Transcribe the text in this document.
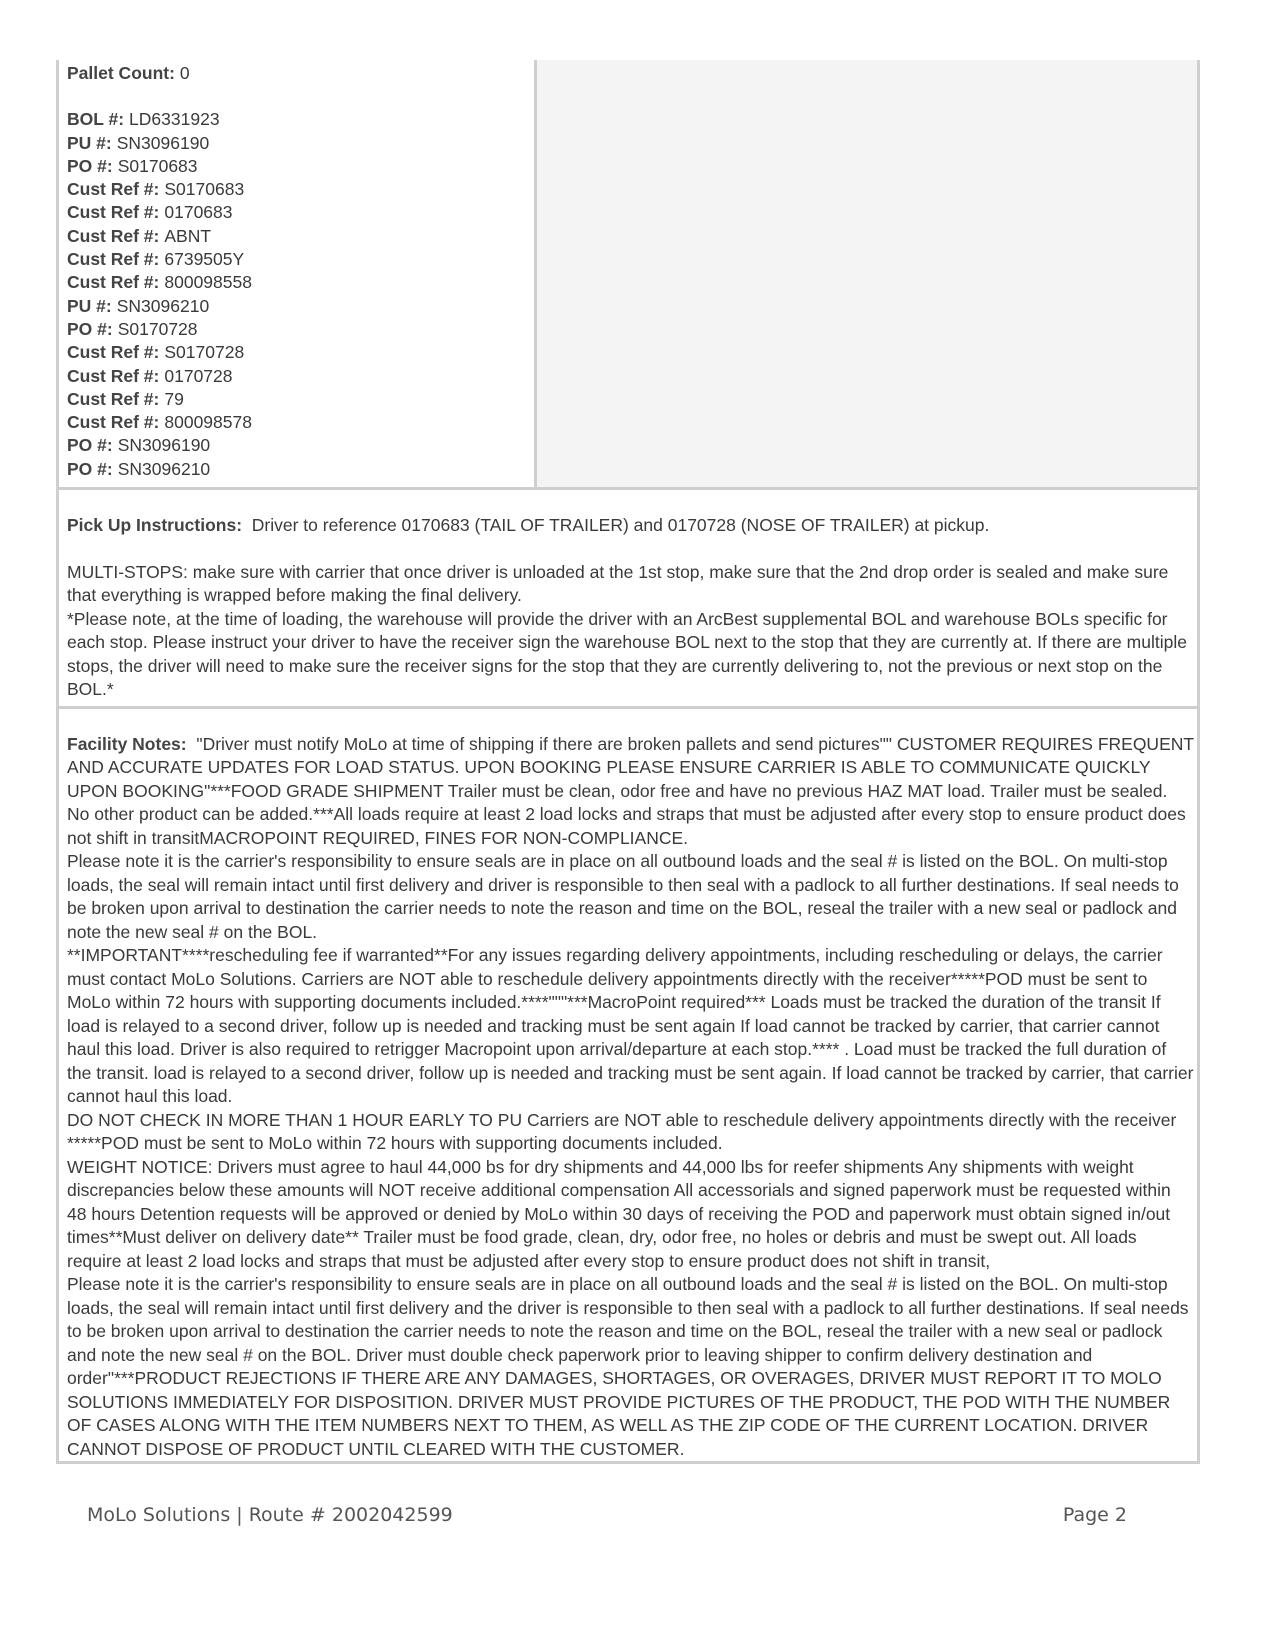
Pallet Count: 0
BOL #: LD6331923
PU #: SN3096190
PO #: S0170683
Cust Ref #: S0170683
Cust Ref #: 0170683
Cust Ref #: ABNT
Cust Ref #: 6739505Y
Cust Ref #: 800098558
PU #: SN3096210
PO #: S0170728
Cust Ref #: S0170728
Cust Ref #: 0170728
Cust Ref #: 79
Cust Ref #: 800098578
PO #: SN3096190
PO #: SN3096210

Pick Up Instructions: Driver to reference 0170683 (TAIL OF TRAILER) and 0170728 (NOSE OF TRAILER) at pickup.

MULTI-STOPS: make sure with carrier that once driver is unloaded at the 1st stop, make sure that the 2nd drop order is sealed and make sure that everything is wrapped before making the final delivery.

*Please note, at the time of loading, the warehouse will provide the driver with an ArcBest supplemental BOL and warehouse BOLs specific for each stop. Please instruct your driver to have the receiver sign the warehouse BOL next to the stop that they are currently at. If there are multiple stops, the driver will need to make sure the receiver signs for the stop that they are currently delivering to, not the previous or next stop on the BOL.*

Facility Notes: "Driver must notify MoLo at time of shipping if there are broken pallets and send pictures"" CUSTOMER REQUIRES FREQUENT AND ACCURATE UPDATES FOR LOAD STATUS. UPON BOOKING PLEASE ENSURE CARRIER IS ABLE TO COMMUNICATE QUICKLY UPON BOOKING"***FOOD GRADE SHIPMENT Trailer must be clean, odor free and have no previous HAZ MAT load. Trailer must be sealed. No other product can be added.***All loads require at least 2 load locks and straps that must be adjusted after every stop to ensure product does not shift in transitMACROPOINT REQUIRED, FINES FOR NON-COMPLIANCE.

Please note it is the carrier's responsibility to ensure seals are in place on all outbound loads and the seal # is listed on the BOL. On multi-stop loads, the seal will remain intact until first delivery and driver is responsible to then seal with a padlock to all further destinations. If seal needs to be broken upon arrival to destination the carrier needs to note the reason and time on the BOL, reseal the trailer with a new seal or padlock and note the new seal # on the BOL.

**IMPORTANT****rescheduling fee if warranted**For any issues regarding delivery appointments, including rescheduling or delays, the carrier must contact MoLo Solutions. Carriers are NOT able to reschedule delivery appointments directly with the receiver*****POD must be sent to MoLo within 72 hours with supporting documents included.****"""***MacroPoint required*** Loads must be tracked the duration of the transit If load is relayed to a second driver, follow up is needed and tracking must be sent again If load cannot be tracked by carrier, that carrier cannot haul this load. Driver is also required to retrigger Macropoint upon arrival/departure at each stop.**** . Load must be tracked the full duration of the transit. load is relayed to a second driver, follow up is needed and tracking must be sent again. If load cannot be tracked by carrier, that carrier cannot haul this load.

DO NOT CHECK IN MORE THAN 1 HOUR EARLY TO PU Carriers are NOT able to reschedule delivery appointments directly with the receiver *****POD must be sent to MoLo within 72 hours with supporting documents included.

WEIGHT NOTICE: Drivers must agree to haul 44,000 bs for dry shipments and 44,000 lbs for reefer shipments Any shipments with weight discrepancies below these amounts will NOT receive additional compensation All accessorials and signed paperwork must be requested within 48 hours Detention requests will be approved or denied by MoLo within 30 days of receiving the POD and paperwork must obtain signed in/out times**Must deliver on delivery date** Trailer must be food grade, clean, dry, odor free, no holes or debris and must be swept out. All loads require at least 2 load locks and straps that must be adjusted after every stop to ensure product does not shift in transit,

Please note it is the carrier's responsibility to ensure seals are in place on all outbound loads and the seal # is listed on the BOL. On multi-stop loads, the seal will remain intact until first delivery and the driver is responsible to then seal with a padlock to all further destinations. If seal needs to be broken upon arrival to destination the carrier needs to note the reason and time on the BOL, reseal the trailer with a new seal or padlock and note the new seal # on the BOL. Driver must double check paperwork prior to leaving shipper to confirm delivery destination and order"***PRODUCT REJECTIONS IF THERE ARE ANY DAMAGES, SHORTAGES, OR OVERAGES, DRIVER MUST REPORT IT TO MOLO SOLUTIONS IMMEDIATELY FOR DISPOSITION. DRIVER MUST PROVIDE PICTURES OF THE PRODUCT, THE POD WITH THE NUMBER OF CASES ALONG WITH THE ITEM NUMBERS NEXT TO THEM, AS WELL AS THE ZIP CODE OF THE CURRENT LOCATION. DRIVER CANNOT DISPOSE OF PRODUCT UNTIL CLEARED WITH THE CUSTOMER.

MoLo Solutions | Route # 2002042599	Page 2
